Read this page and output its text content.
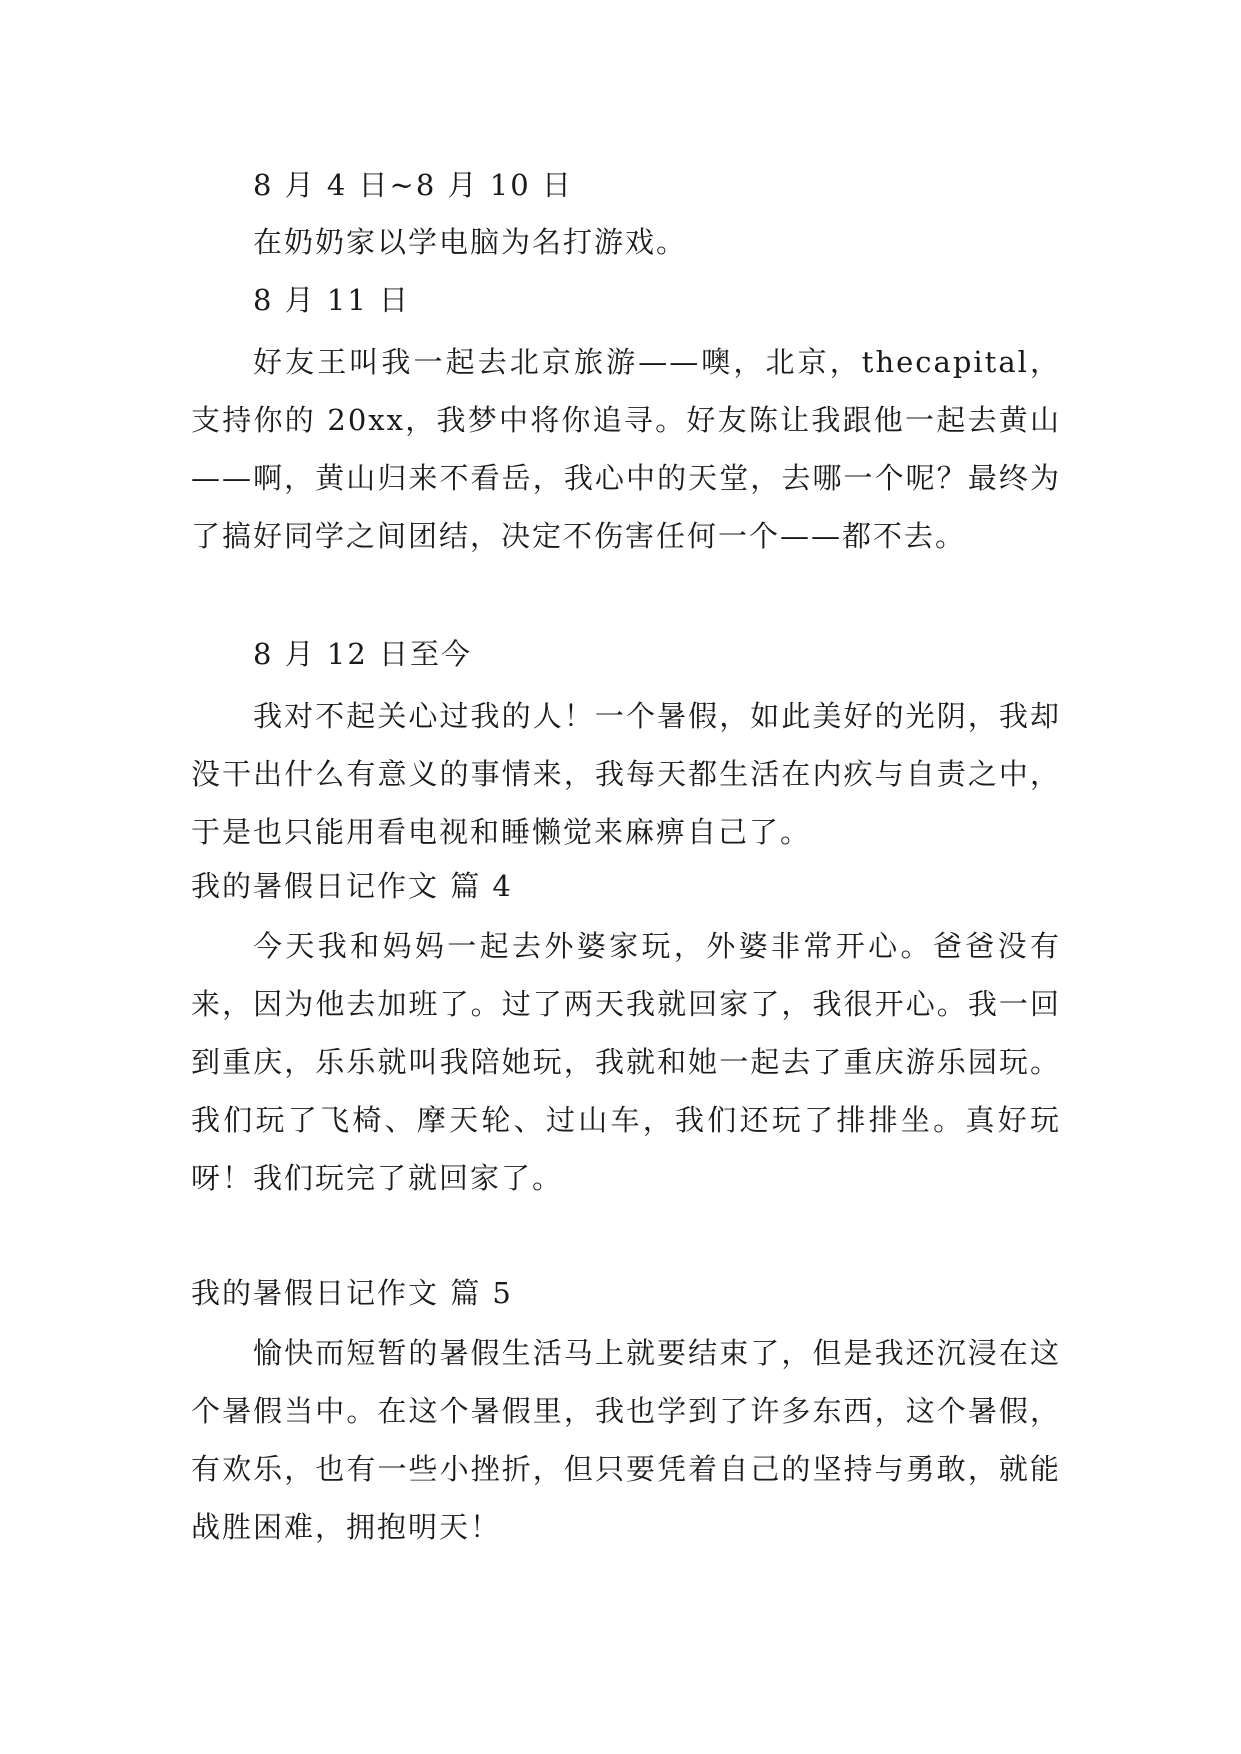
8 月 4 日~8 月 10 日
在奶奶家以学电脑为名打游戏。
8 月 11 日
好友王叫我一起去北京旅游——噢，北京，thecapital，支持你的 20xx，我梦中将你追寻。好友陈让我跟他一起去黄山——啊，黄山归来不看岳，我心中的天堂，去哪一个呢？最终为了搞好同学之间团结，决定不伤害任何一个——都不去。
8 月 12 日至今
我对不起关心过我的人！一个暑假，如此美好的光阴，我却没干出什么有意义的事情来，我每天都生活在内疚与自责之中，于是也只能用看电视和睡懒觉来麻痹自己了。
我的暑假日记作文 篇 4
今天我和妈妈一起去外婆家玩，外婆非常开心。爸爸没有来，因为他去加班了。过了两天我就回家了，我很开心。我一回到重庆，乐乐就叫我陪她玩，我就和她一起去了重庆游乐园玩。我们玩了飞椅、摩天轮、过山车，我们还玩了排排坐。真好玩呀！我们玩完了就回家了。
我的暑假日记作文 篇 5
愉快而短暂的暑假生活马上就要结束了，但是我还沉浸在这个暑假当中。在这个暑假里，我也学到了许多东西，这个暑假，有欢乐，也有一些小挫折，但只要凭着自己的坚持与勇敢，就能战胜困难，拥抱明天！
